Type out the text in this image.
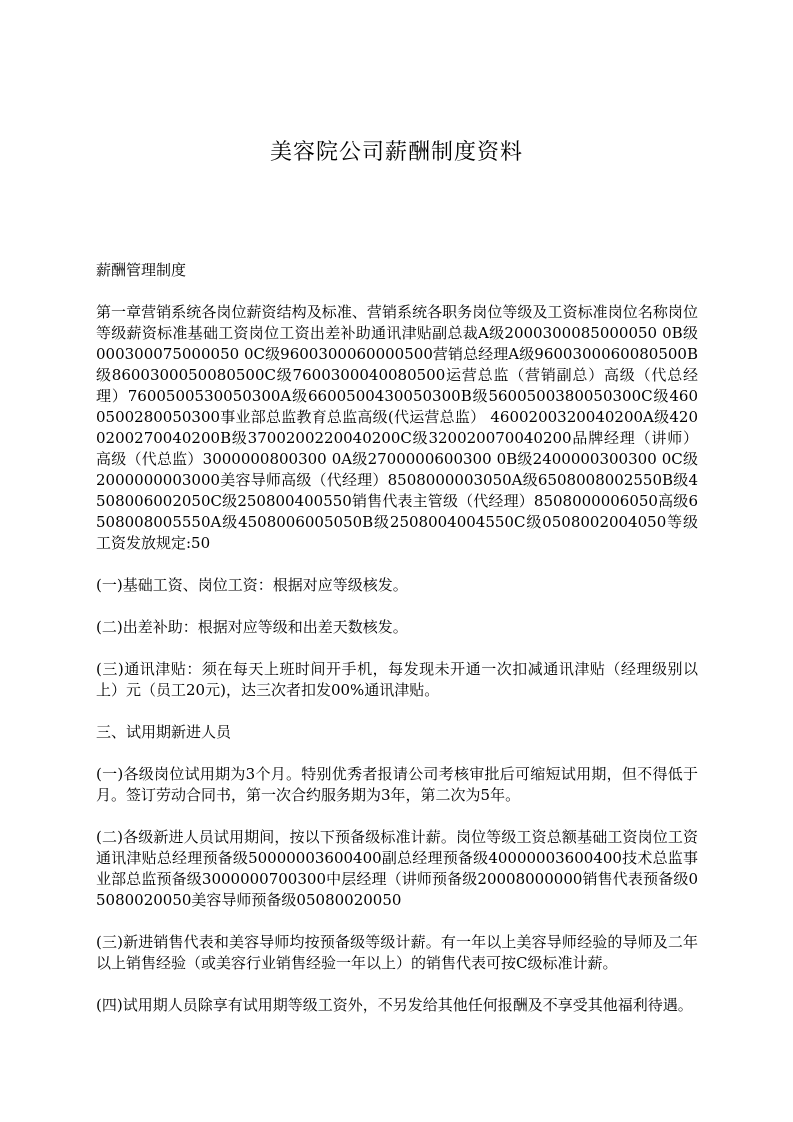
美容院公司薪酬制度资料

薪酬管理制度

第一章营销系统各岗位薪资结构及标准、营销系统各职务岗位等级及工资标准岗位名称岗位等级薪资标准基础工资岗位工资出差补助通讯津贴副总裁A级2000300085000050 0B级000300075000050 0C级9600300060000500营销总经理A级9600300060080500B级8600300050080500C级7600300040080500运营总监（营销副总）高级（代总经理）7600500530050300A级6600500430050300B级5600500380050300C级4600500280050300事业部总监教育总监高级(代运营总监） 4600200320040200A级4200200270040200B级3700200220040200C级320020070040200品牌经理（讲师）高级（代总监）3000000800300 0A级2700000600300 0B级2400000300300 0C级2000000003000美容导师高级（代经理）8508000003050A级6508008002550B级4508006002050C级250800400550销售代表主管级（代经理）8508000006050高级6508008005550A级4508006005050B级2508004004550C级0508002004050等级工资发放规定:50

(一)基础工资、岗位工资：根据对应等级核发。

(二)出差补助：根据对应等级和出差天数核发。

(三)通讯津贴：须在每天上班时间开手机，每发现未开通一次扣减通讯津贴（经理级别以上）元（员工20元)，达三次者扣发00%通讯津贴。

三、试用期新进人员

(一)各级岗位试用期为3个月。特别优秀者报请公司考核审批后可缩短试用期，但不得低于月。签订劳动合同书，第一次合约服务期为3年，第二次为5年。

(二)各级新进人员试用期间，按以下预备级标准计薪。岗位等级工资总额基础工资岗位工资通讯津贴总经理预备级50000003600400副总经理预备级40000003600400技术总监事业部总监预备级3000000700300中层经理（讲师预备级20008000000销售代表预备级05080020050美容导师预备级05080020050

(三)新进销售代表和美容导师均按预备级等级计薪。有一年以上美容导师经验的导师及二年以上销售经验（或美容行业销售经验一年以上）的销售代表可按C级标准计薪。

(四)试用期人员除享有试用期等级工资外，不另发给其他任何报酬及不享受其他福利待遇。
